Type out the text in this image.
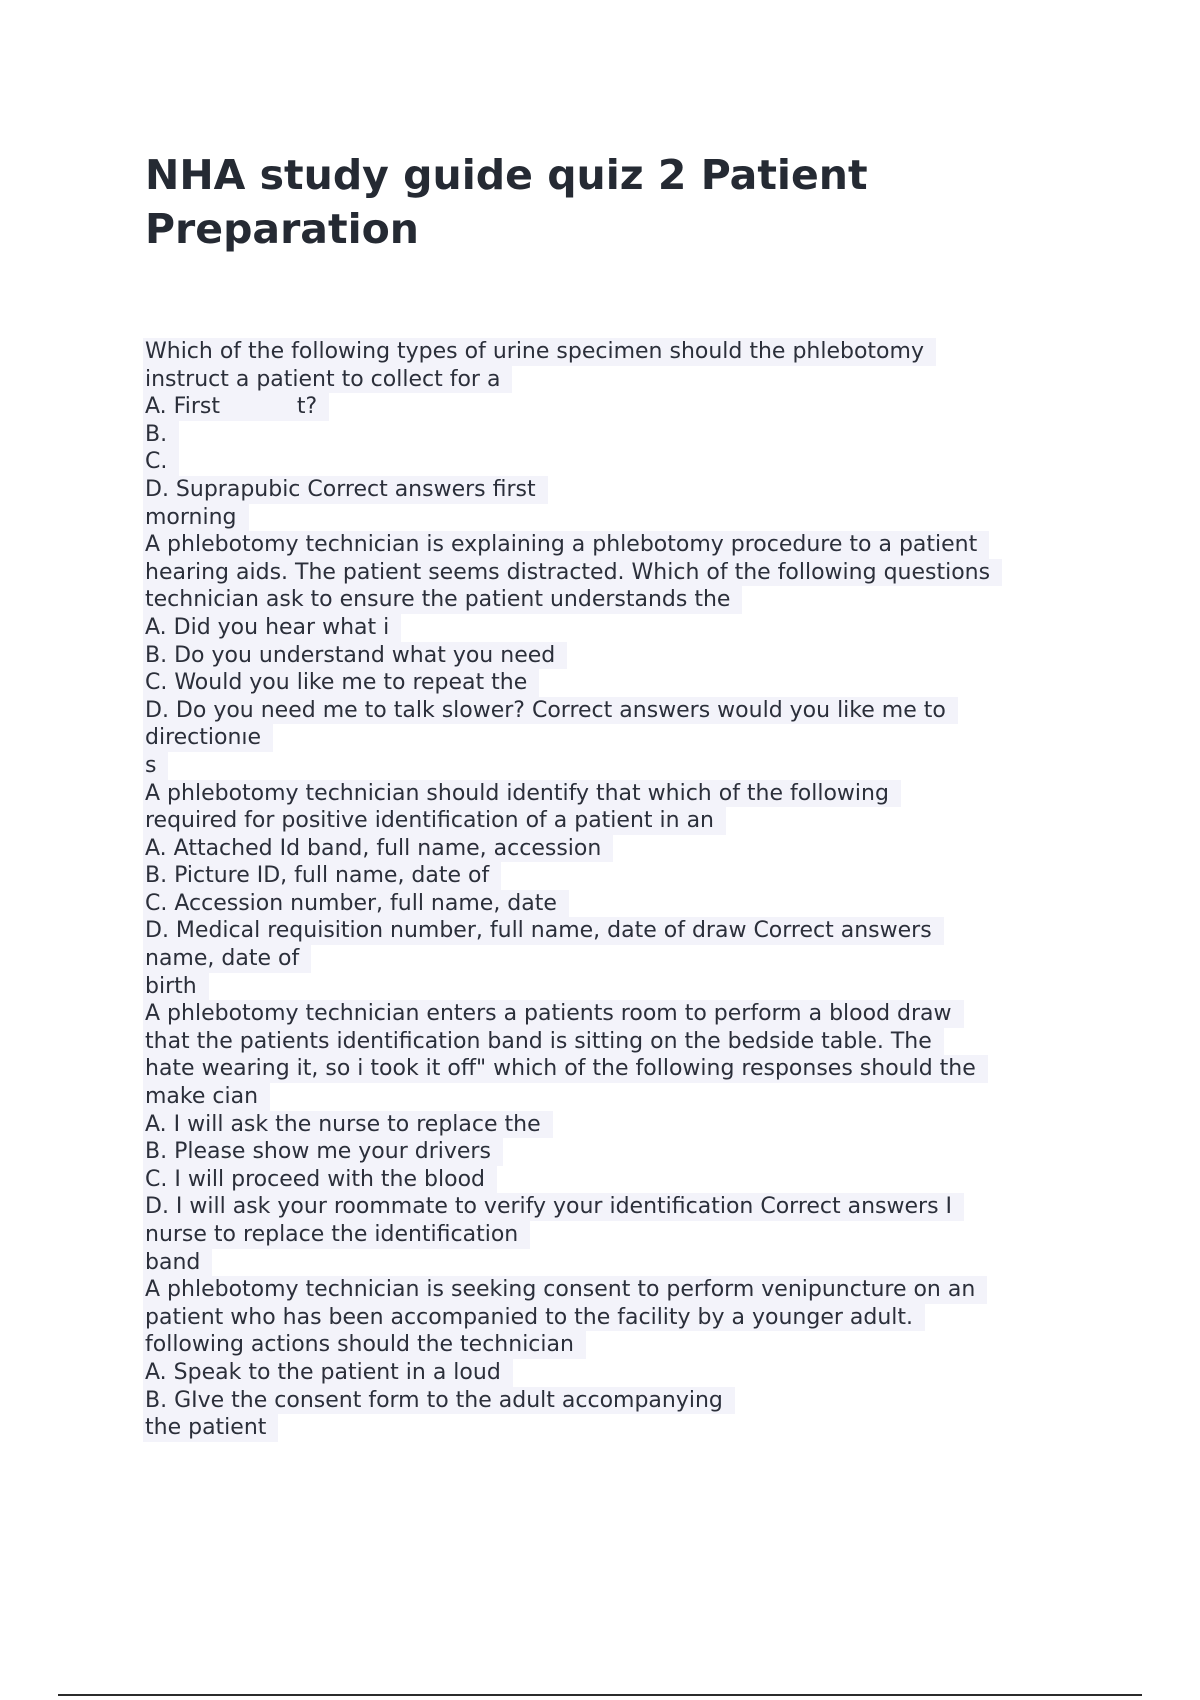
NHA study guide quiz 2 Patient Preparation
Which of the following types of urine specimen should the phlebotomy
instruct a patient to collect for a
A. First           t?
B.
C.
D. Suprapubic Correct answers first
morning
A phlebotomy technician is explaining a phlebotomy procedure to a patient
hearing aids. The patient seems distracted. Which of the following questions
technician ask to ensure the patient understands the
A. Did you hear what i
B. Do you understand what you need
C. Would you like me to repeat the
D. Do you need me to talk slower? Correct answers would you like me to
directionıe
s
A phlebotomy technician should identify that which of the following
required for positive identification of a patient in an
A. Attached Id band, full name, accession
B. Picture ID, full name, date of
C. Accession number, full name, date
D. Medical requisition number, full name, date of draw Correct answers
name, date of
birth
A phlebotomy technician enters a patients room to perform a blood draw
that the patients identification band is sitting on the bedside table. The
hate wearing it, so i took it off" which of the following responses should the
make cian
A. I will ask the nurse to replace the
B. Please show me your drivers
C. I will proceed with the blood
D. I will ask your roommate to verify your identification Correct answers I
nurse to replace the identification
band
A phlebotomy technician is seeking consent to perform venipuncture on an
patient who has been accompanied to the facility by a younger adult.
following actions should the technician
A. Speak to the patient in a loud
B. GIve the consent form to the adult accompanying
the patient
